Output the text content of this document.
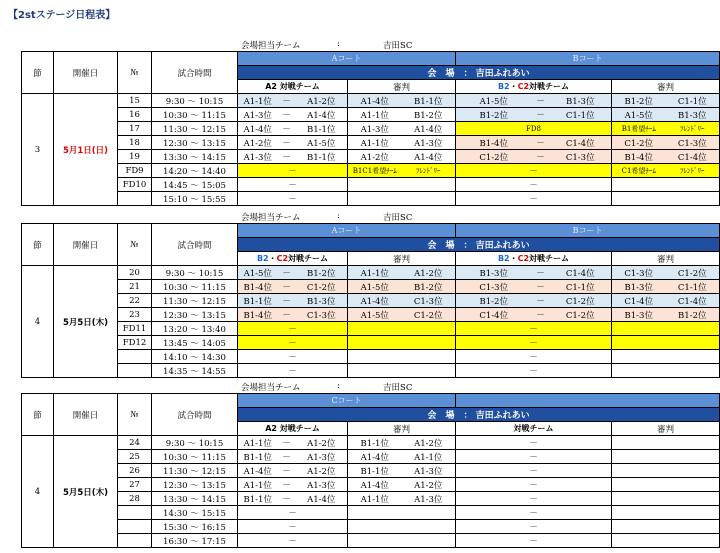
【2stステージ日程表】
会場担当チーム	:	吉田SC
節	開催日	№	試合時間	Aコート					Bコート				
				会　場　： 吉田ふれあい									
				A2 対戦チーム			審判		B2・C2対戦チーム			審判	
3	5月1日(日)	15	9:30 ～ 10:15	A1-1位	－	A1-2位	A1-4位	B1-1位	A1-5位	－	B1-3位	B1-2位	C1-1位
		16	10:30 ～ 11:15	A1-3位	－	A1-4位	A1-1位	B1-2位	B1-2位	－	C1-1位	A1-5位	B1-3位
		17	11:30 ～ 12:15	A1-4位	－	B1-1位	A1-3位	A1-4位	FD8			B1希望ﾁｰﾑ	ﾌﾚﾝﾄﾞﾘｰ
		18	12:30 ～ 13:15	A1-2位	－	A1-5位	A1-1位	A1-3位	B1-4位	－	C1-4位	C1-2位	C1-3位
		19	13:30 ～ 14:15	A1-3位	－	B1-1位	A1-2位	A1-4位	C1-2位	－	C1-3位	B1-4位	C1-4位
		FD9	14:20 ～ 14:40	－			B1C1希望ﾁｰﾑ	ﾌﾚﾝﾄﾞﾘｰ	－			C1希望ﾁｰﾑ	ﾌﾚﾝﾄﾞﾘｰ
		FD10	14:45 ～ 15:05	－					－				
			15:10 ～ 15:55	－					－				
会場担当チーム	:	吉田SC
節	開催日	№	試合時間	Aコート					Bコート				
				会　場　： 吉田ふれあい									
				B2・C2対戦チーム			審判		B2・C2対戦チーム			審判	
4	5月5日(木)	20	9:30 ～ 10:15	A1-5位	－	B1-2位	A1-1位	A1-2位	B1-3位	－	C1-4位	C1-3位	C1-2位
		21	10:30 ～ 11:15	B1-4位	－	C1-2位	A1-5位	B1-2位	C1-3位	－	C1-1位	B1-3位	C1-1位
		22	11:30 ～ 12:15	B1-1位	－	B1-3位	A1-4位	C1-3位	B1-2位	－	C1-2位	C1-4位	C1-4位
		23	12:30 ～ 13:15	B1-4位	－	C1-3位	A1-5位	C1-2位	C1-4位	－	C1-2位	B1-3位	B1-2位
		FD11	13:20 ～ 13:40	－					－				
		FD12	13:45 ～ 14:05	－					－				
			14:10 ～ 14:30	－					－				
			14:35 ～ 14:55	－					－				
会場担当チーム	:	吉田SC
節	開催日	№	試合時間	Cコート							
				会　場　： 吉田ふれあい							
				A2 対戦チーム			審判		対戦チーム	審判	
4	5月5日(木)	24	9:30 ～ 10:15	A1-1位	－	A1-2位	B1-1位	A1-2位	－		
		25	10:30 ～ 11:15	B1-1位	－	A1-3位	A1-4位	A1-1位	－		
		26	11:30 ～ 12:15	A1-4位	－	A1-2位	B1-1位	A1-3位	－		
		27	12:30 ～ 13:15	A1-1位	－	A1-3位	A1-4位	A1-2位	－		
		28	13:30 ～ 14:15	B1-1位	－	A1-4位	A1-1位	A1-3位	－		
			14:30 ～ 15:15	－					－		
			15:30 ～ 16:15	－					－		
			16:30 ～ 17:15	－					－		
